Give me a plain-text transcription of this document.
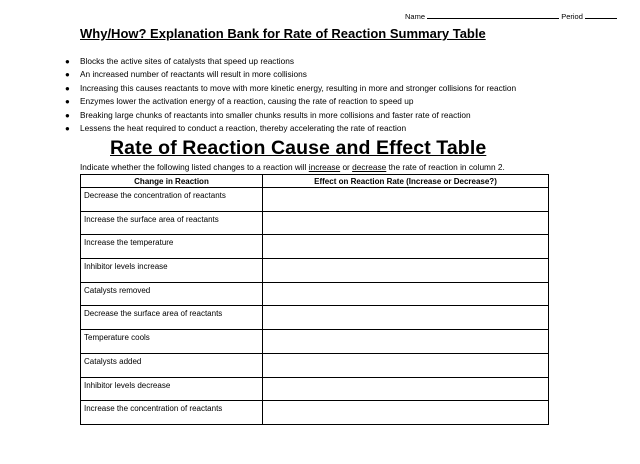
Name	Period
Why/How? Explanation Bank for Rate of Reaction Summary Table
● Blocks the active sites of catalysts that speed up reactions
● An increased number of reactants will result in more collisions
● Increasing this causes reactants to move with more kinetic energy, resulting in more and stronger collisions for reaction
● Enzymes lower the activation energy of a reaction, causing the rate of reaction to speed up
● Breaking large chunks of reactants into smaller chunks results in more collisions and faster rate of reaction
● Lessens the heat required to conduct a reaction, thereby accelerating the rate of reaction
Rate of Reaction Cause and Effect Table
Indicate whether the following listed changes to a reaction will increase or decrease the rate of reaction in column 2.
Change in Reaction	Effect on Reaction Rate (Increase or Decrease?)
Decrease the concentration of reactants	
Increase the surface area of reactants	
Increase the temperature	
Inhibitor levels increase	
Catalysts removed	
Decrease the surface area of reactants	
Temperature cools	
Catalysts added	
Inhibitor levels decrease	
Increase the concentration of reactants	
